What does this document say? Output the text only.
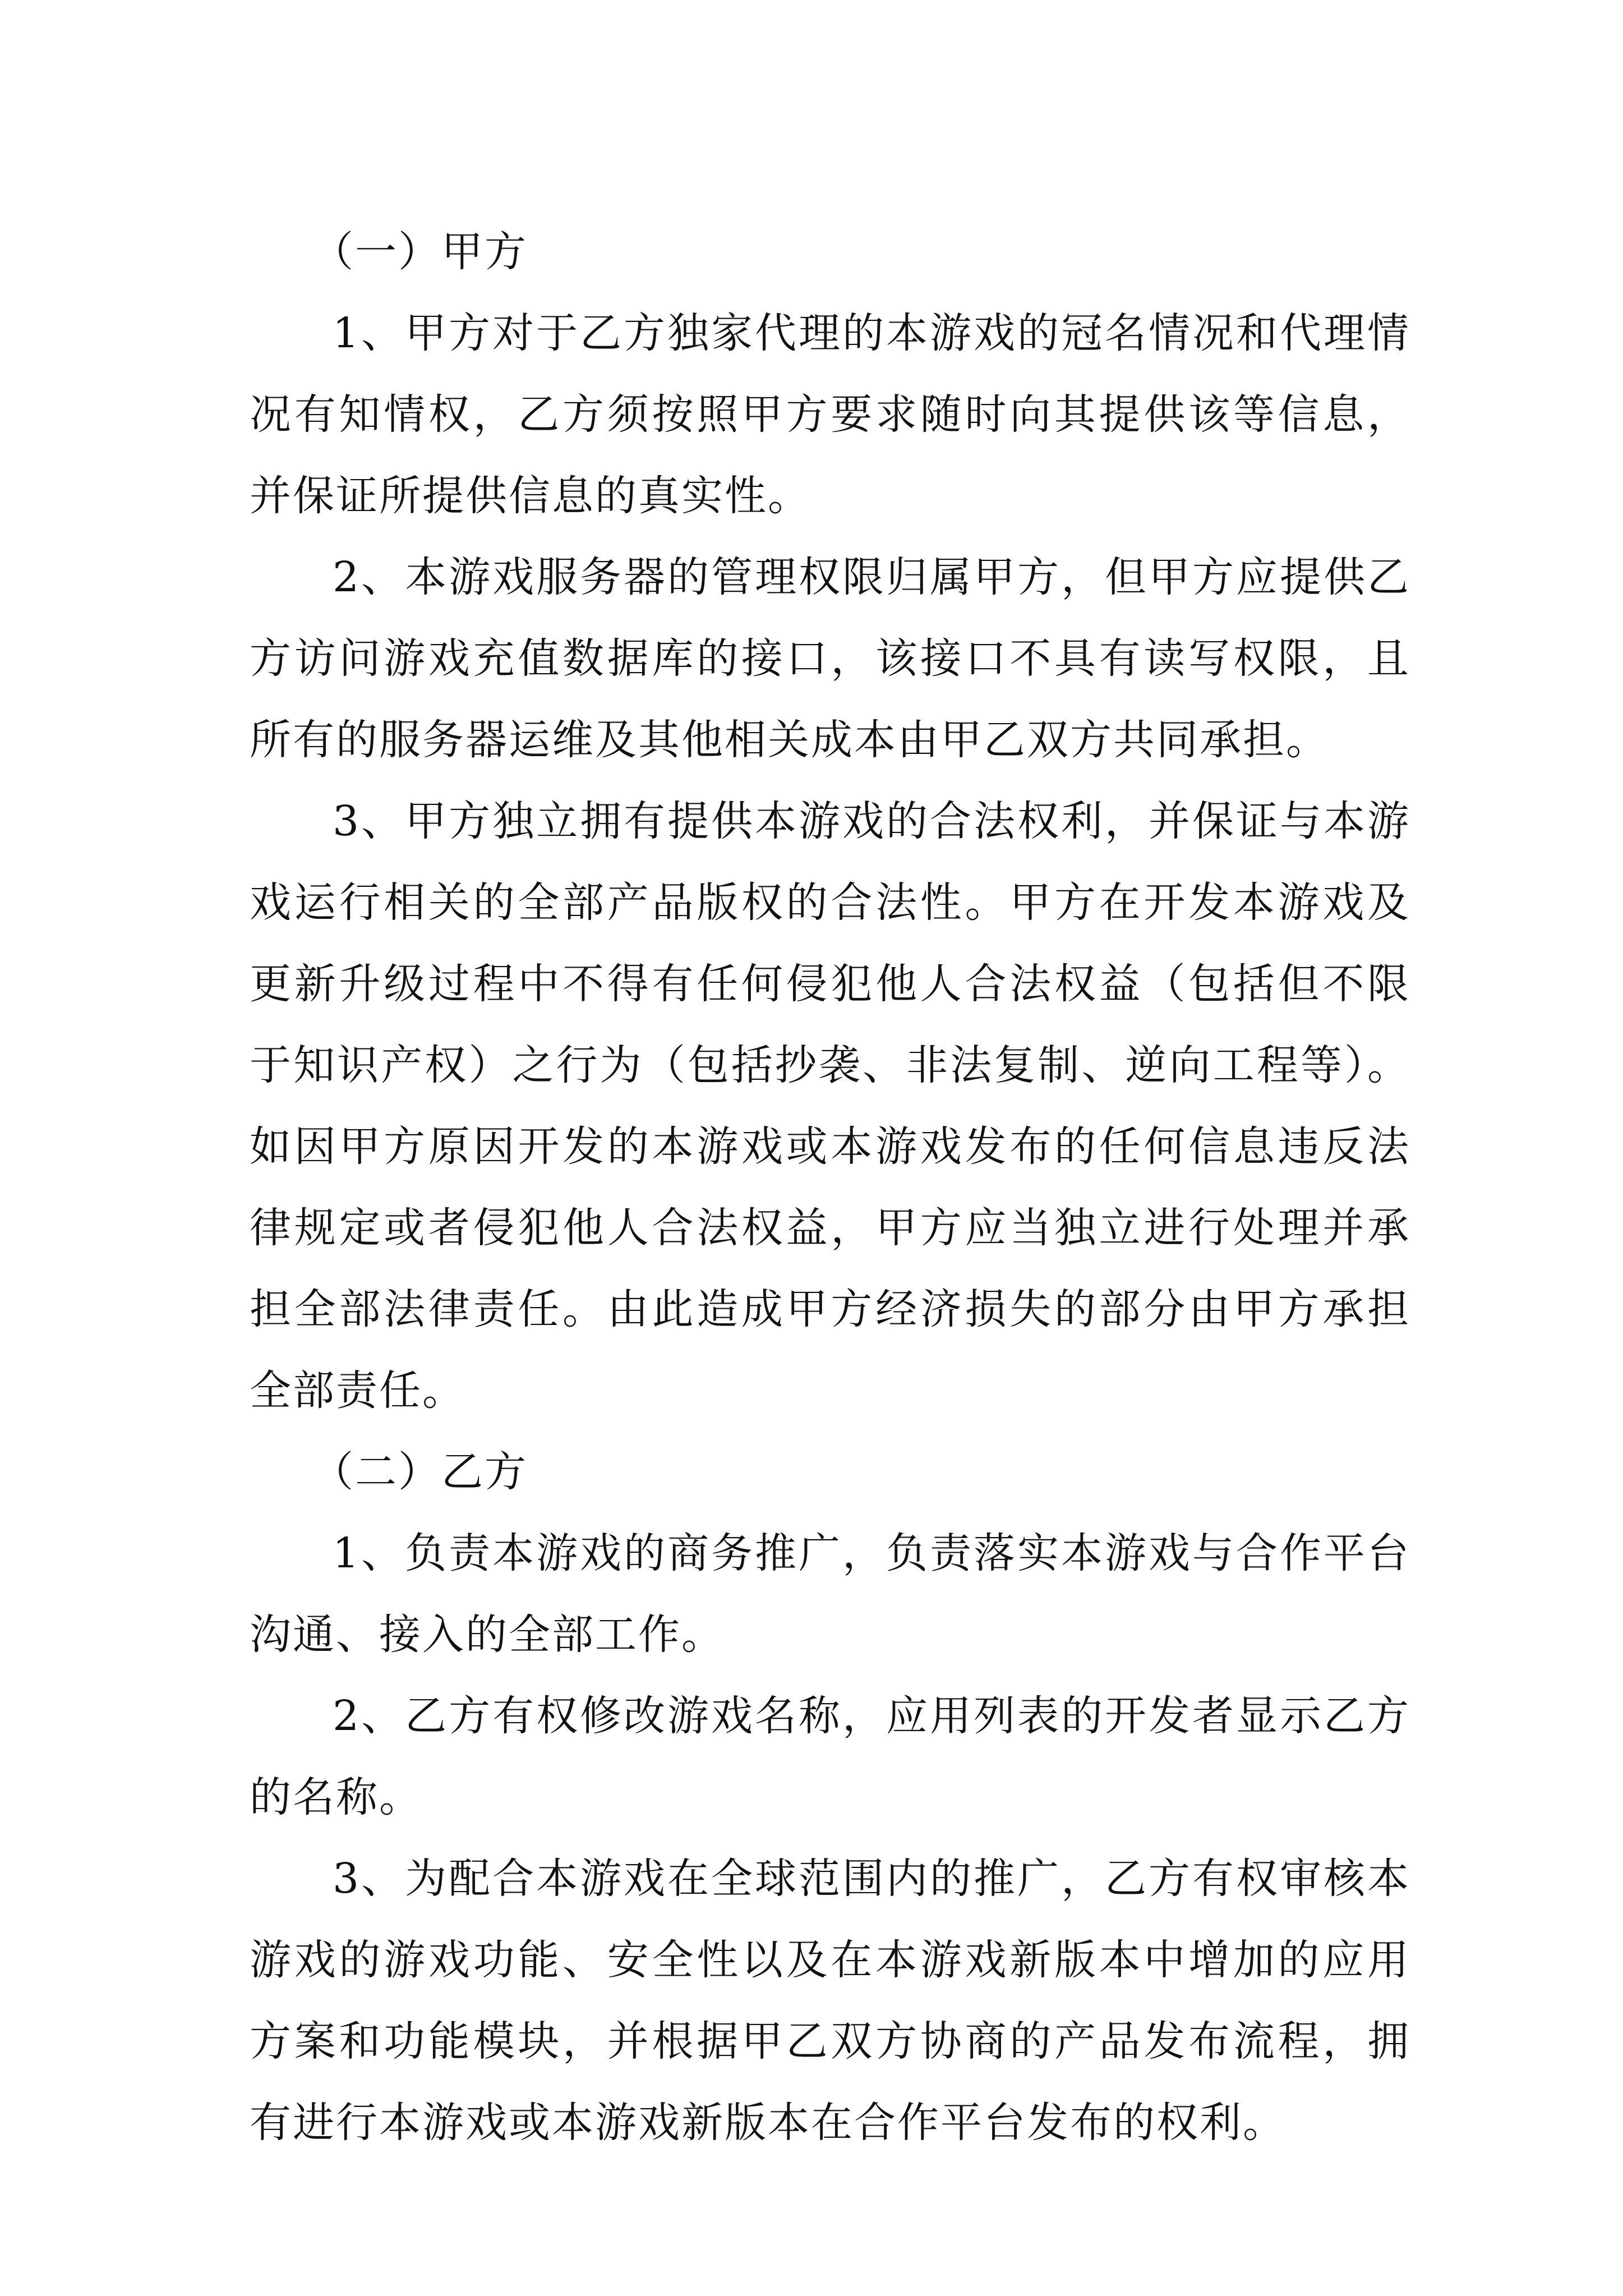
（一）甲方

1、甲方对于乙方独家代理的本游戏的冠名情况和代理情况有知情权，乙方须按照甲方要求随时向其提供该等信息，并保证所提供信息的真实性。

2、本游戏服务器的管理权限归属甲方，但甲方应提供乙方访问游戏充值数据库的接口，该接口不具有读写权限，且所有的服务器运维及其他相关成本由甲乙双方共同承担。

3、甲方独立拥有提供本游戏的合法权利，并保证与本游戏运行相关的全部产品版权的合法性。甲方在开发本游戏及更新升级过程中不得有任何侵犯他人合法权益（包括但不限于知识产权）之行为（包括抄袭、非法复制、逆向工程等）。如因甲方原因开发的本游戏或本游戏发布的任何信息违反法律规定或者侵犯他人合法权益，甲方应当独立进行处理并承担全部法律责任。由此造成甲方经济损失的部分由甲方承担全部责任。

（二）乙方

1、负责本游戏的商务推广，负责落实本游戏与合作平台沟通、接入的全部工作。

2、乙方有权修改游戏名称，应用列表的开发者显示乙方的名称。

3、为配合本游戏在全球范围内的推广，乙方有权审核本游戏的游戏功能、安全性以及在本游戏新版本中增加的应用方案和功能模块，并根据甲乙双方协商的产品发布流程，拥有进行本游戏或本游戏新版本在合作平台发布的权利。
